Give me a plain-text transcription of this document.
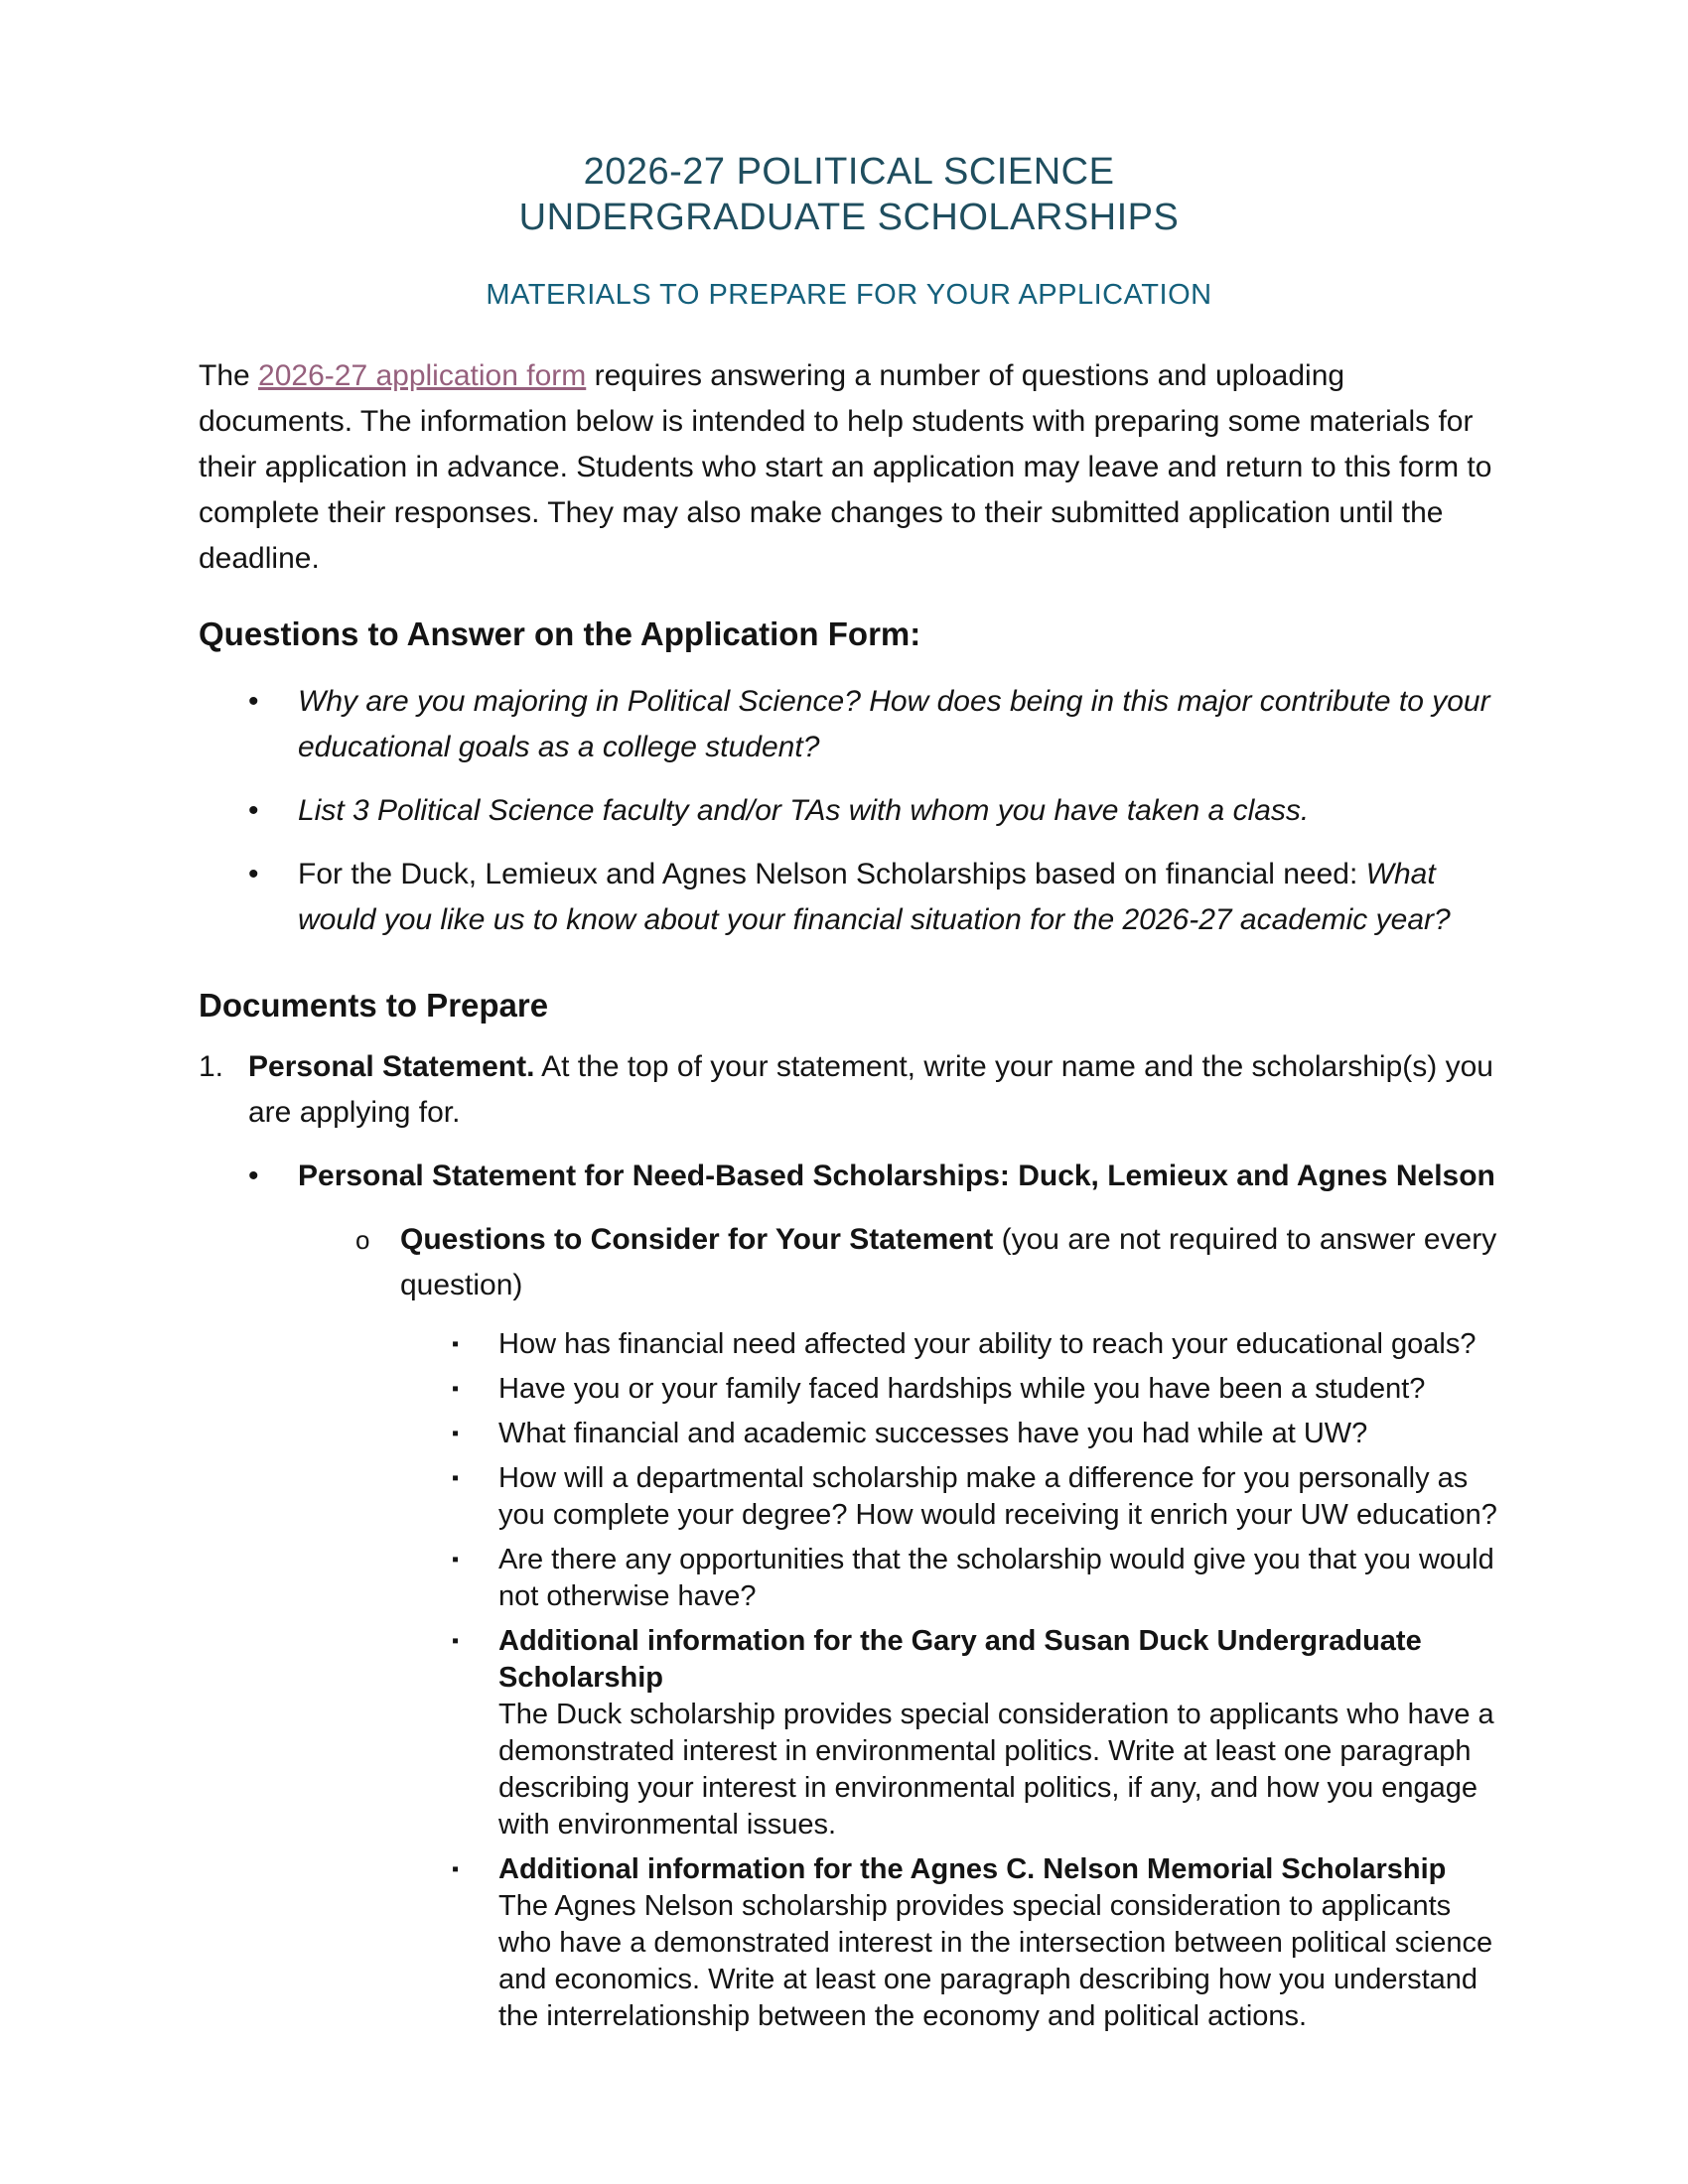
2026-27 POLITICAL SCIENCE
UNDERGRADUATE SCHOLARSHIPS
MATERIALS TO PREPARE FOR YOUR APPLICATION

The 2026-27 application form requires answering a number of questions and uploading documents. The information below is intended to help students with preparing some materials for their application in advance. Students who start an application may leave and return to this form to complete their responses. They may also make changes to their submitted application until the deadline.

Questions to Answer on the Application Form:
•	Why are you majoring in Political Science? How does being in this major contribute to your educational goals as a college student?
•	List 3 Political Science faculty and/or TAs with whom you have taken a class.
•	For the Duck, Lemieux and Agnes Nelson Scholarships based on financial need: What would you like us to know about your financial situation for the 2026-27 academic year?
Documents to Prepare
1. Personal Statement. At the top of your statement, write your name and the scholarship(s) you are applying for.
•	Personal Statement for Need-Based Scholarships: Duck, Lemieux and Agnes Nelson
o	Questions to Consider for Your Statement (you are not required to answer every question)
▪	How has financial need affected your ability to reach your educational goals?
▪	Have you or your family faced hardships while you have been a student?
▪	What financial and academic successes have you had while at UW?
▪	How will a departmental scholarship make a difference for you personally as you complete your degree? How would receiving it enrich your UW education?
▪	Are there any opportunities that the scholarship would give you that you would not otherwise have?
▪	Additional information for the Gary and Susan Duck Undergraduate Scholarship
The Duck scholarship provides special consideration to applicants who have a demonstrated interest in environmental politics. Write at least one paragraph describing your interest in environmental politics, if any, and how you engage with environmental issues.
▪	Additional information for the Agnes C. Nelson Memorial Scholarship
The Agnes Nelson scholarship provides special consideration to applicants who have a demonstrated interest in the intersection between political science and economics. Write at least one paragraph describing how you understand the interrelationship between the economy and political actions.
